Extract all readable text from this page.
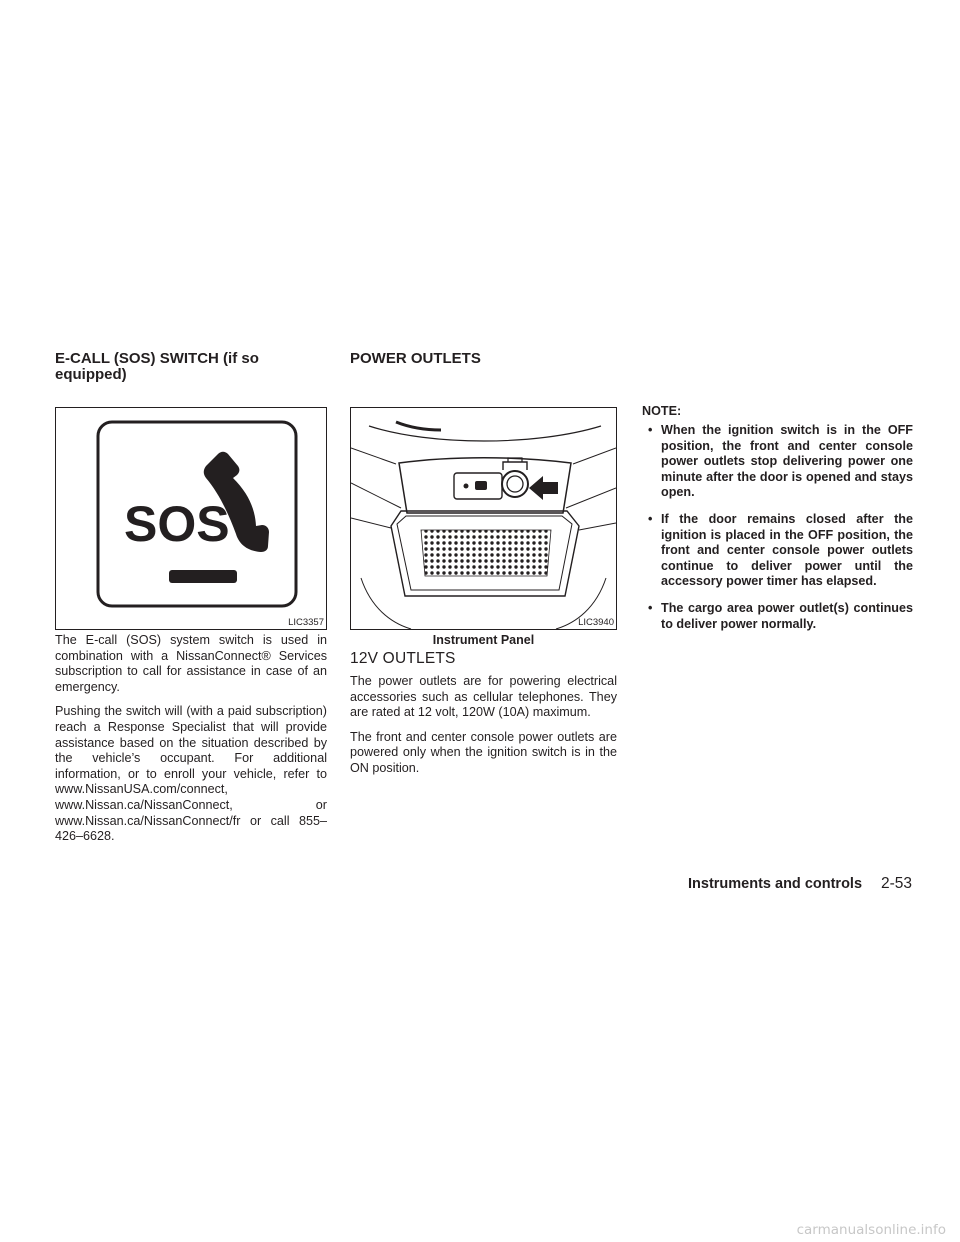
E-CALL (SOS) SWITCH (if so
equipped)
SOS
LIC3357

The E-call (SOS) system switch is used in combination with a NissanConnect® Services subscription to call for assistance in case of an emergency.

Pushing the switch will (with a paid subscription) reach a Response Specialist that will provide assistance based on the situation described by the vehicle’s occupant. For additional information, or to enroll your vehicle, refer to www.NissanUSA.com/connect, www.Nissan.ca/NissanConnect, or www.Nissan.ca/NissanConnect/fr or call 855–426–6628.

POWER OUTLETS
LIC3940
Instrument Panel
12V OUTLETS

The power outlets are for powering electrical accessories such as cellular telephones. They are rated at 12 volt, 120W (10A) maximum.

The front and center console power outlets are powered only when the ignition switch is in the ON position.

NOTE:
• When the ignition switch is in the OFF position, the front and center console power outlets stop delivering power one minute after the door is opened and stays open.
• If the door remains closed after the ignition is placed in the OFF position, the front and center console power outlets continue to deliver power until the accessory power timer has elapsed.
• The cargo area power outlet(s) continues to deliver power normally.
Instruments and controls 2-53
carmanualsonline.info
